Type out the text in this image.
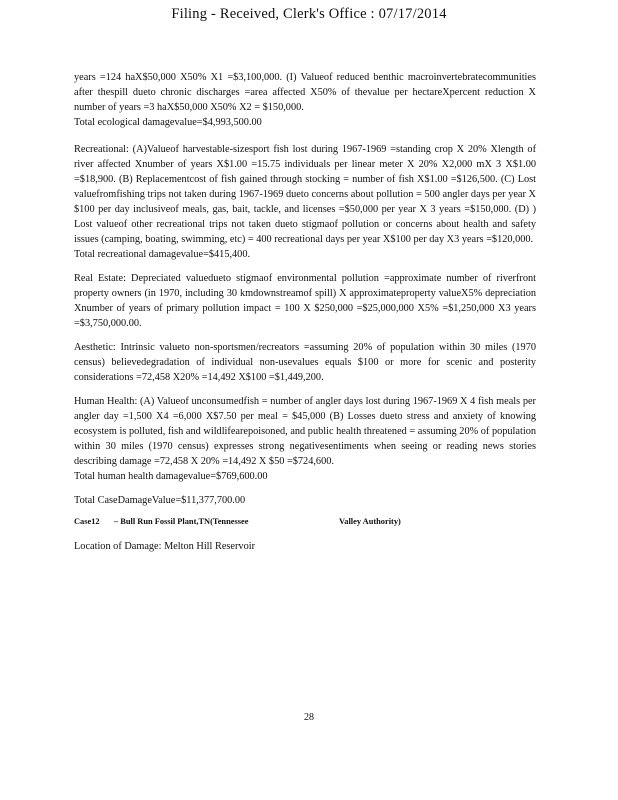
Filing - Received, Clerk's Office : 07/17/2014

years =124 haX$50,000 X50% X1 =$3,100,000. (I) Valueof reduced benthic macroinvertebratecommunities after thespill dueto chronic discharges =area affected X50% of thevalue per hectareXpercent reduction X number of years =3 haX$50,000 X50% X2 = $150,000.
Total ecological damagevalue=$4,993,500.00

Recreational: (A)Valueof harvestable-sizesport fish lost during 1967-1969 =standing crop X 20% Xlength of river affected Xnumber of years X$1.00 =15.75 individuals per linear meter X 20% X2,000 mX 3 X$1.00 =$18,900. (B) Replacementcost of fish gained through stocking = number of fish X$1.00 =$126,500. (C) Lost valuefromfishing trips not taken during 1967-1969 dueto concerns about pollution = 500 angler days per year X $100 per day inclusiveof meals, gas, bait, tackle, and licenses =$50,000 per year X 3 years =$150,000. (D) ) Lost valueof other recreational trips not taken dueto stigmaof pollution or concerns about health and safety issues (camping, boating, swimming, etc) = 400 recreational days per year X$100 per day X3 years =$120,000.
Total recreational damagevalue=$415,400.

Real Estate: Depreciated valuedueto stigmaof environmental pollution =approximate number of riverfront property owners (in 1970, including 30 kmdownstreamof spill) X approximateproperty valueX5% depreciation Xnumber of years of primary pollution impact = 100 X $250,000 =$25,000,000 X5% =$1,250,000 X3 years =$3,750,000.00.

Aesthetic: Intrinsic valueto non-sportsmen/recreators =assuming 20% of population within 30 miles (1970 census) believedegradation of individual non-usevalues equals $100 or more for scenic and posterity considerations =72,458 X20% =14,492 X$100 =$1,449,200.

Human Health: (A) Valueof unconsumedfish = number of angler days lost during 1967-1969 X 4 fish meals per angler day =1,500 X4 =6,000 X$7.50 per meal = $45,000 (B) Losses dueto stress and anxiety of knowing ecosystem is polluted, fish and wildlifearepoisoned, and public health threatened = assuming 20% of population within 30 miles (1970 census) expresses strong negativesentiments when seeing or reading news stories describing damage =72,458 X 20% =14,492 X $50 =$724,600.
Total human health damagevalue=$769,600.00

Total CaseDamageValue=$11,377,700.00

Case12 – Bull Run Fossil Plant,TN(Tennessee	Valley Authority)

Location of Damage: Melton Hill Reservoir

28
